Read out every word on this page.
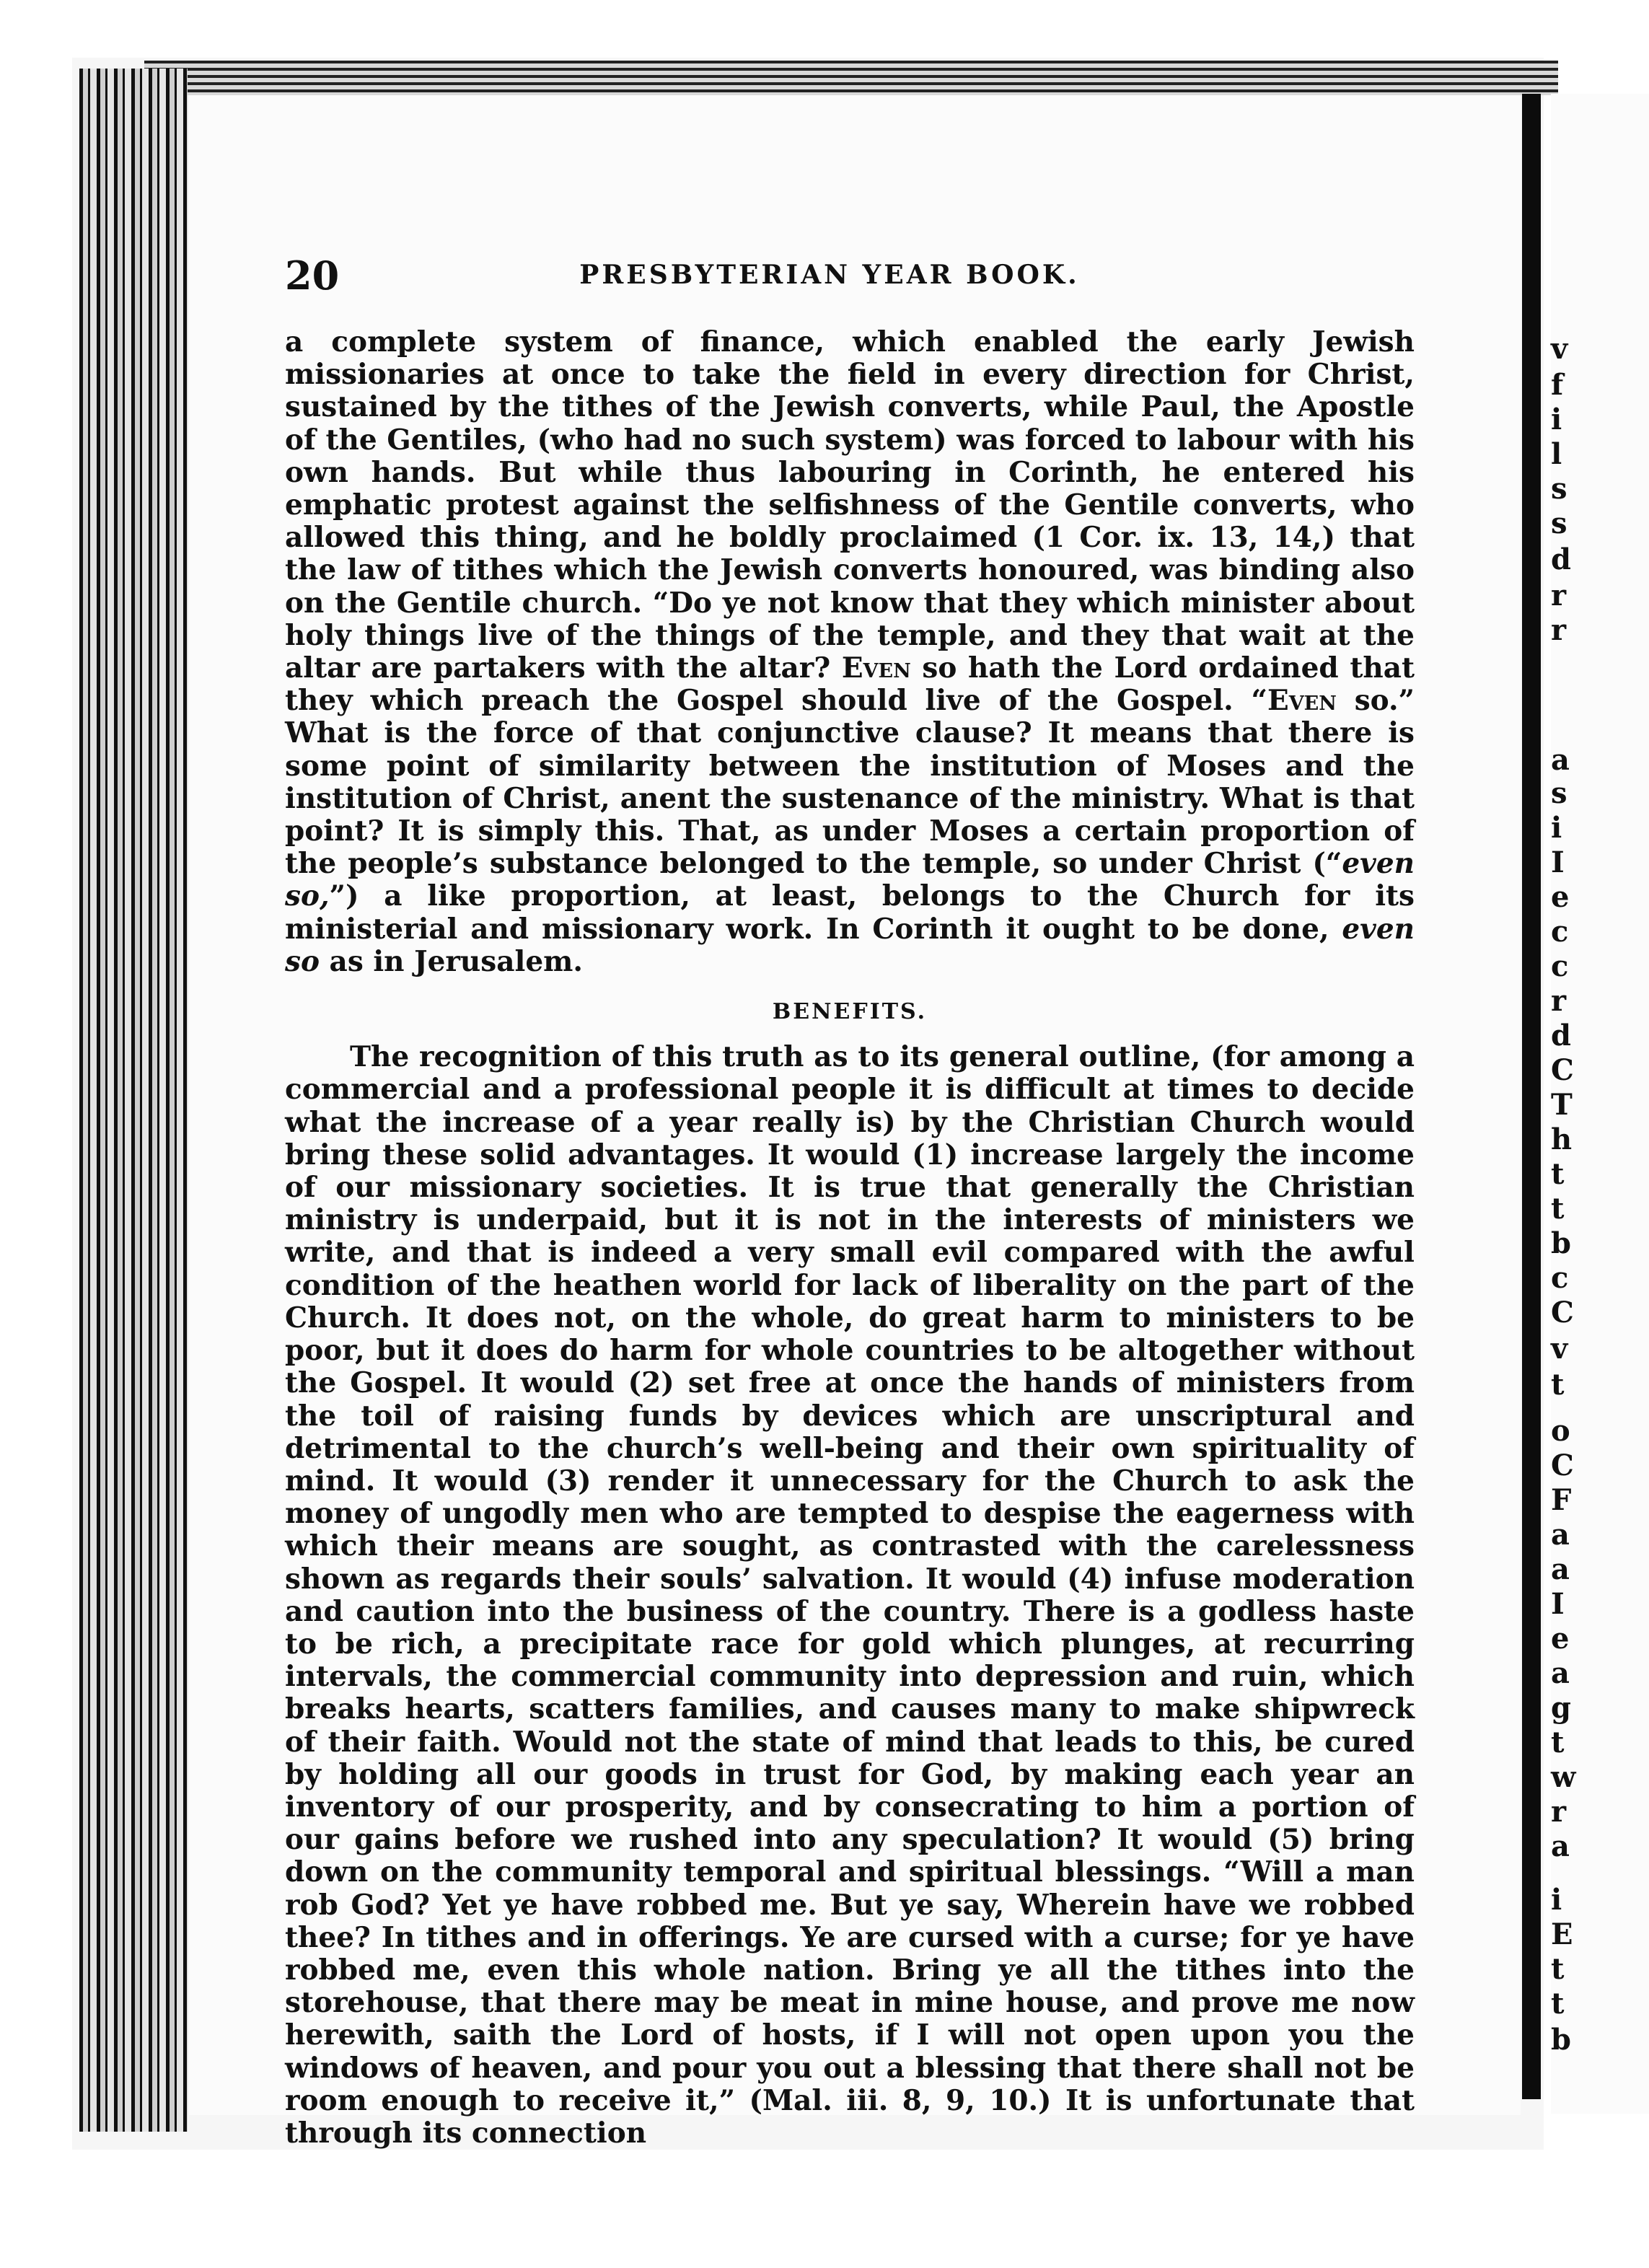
v
f
i
l
s
s
d
r
r
a
s
i
I
e
c
c
r
d
C
T
h
t
t
b
c
C
v
t
o
C
F
a
a
I
e
a
g
t
w
r
a
i
E
t
t
b
20	PRESBYTERIAN YEAR BOOK.

a complete system of finance, which enabled the early Jewish missionaries at once to take the field in every direction for Christ, sustained by the tithes of the Jewish converts, while Paul, the Apostle of the Gentiles, (who had no such system) was forced to labour with his own hands. But while thus labouring in Corinth, he entered his emphatic protest against the selfishness of the Gentile converts, who allowed this thing, and he boldly proclaimed (1 Cor. ix. 13, 14,) that the law of tithes which the Jewish converts honoured, was binding also on the Gentile church. “Do ye not know that they which minister about holy things live of the things of the temple, and they that wait at the altar are partakers with the altar? Even so hath the Lord ordained that they which preach the Gospel should live of the Gospel. “Even so.” What is the force of that conjunctive clause? It means that there is some point of similarity between the institution of Moses and the institution of Christ, anent the sustenance of the ministry. What is that point? It is simply this. That, as under Moses a certain proportion of the people’s substance belonged to the temple, so under Christ (“even so,”) a like proportion, at least, belongs to the Church for its ministerial and missionary work. In Corinth it ought to be done, even so as in Jerusalem.

BENEFITS.

The recognition of this truth as to its general outline, (for among a commercial and a professional people it is difficult at times to decide what the increase of a year really is) by the Christian Church would bring these solid advantages. It would (1) increase largely the income of our missionary societies. It is true that generally the Christian ministry is underpaid, but it is not in the interests of ministers we write, and that is indeed a very small evil compared with the awful condition of the heathen world for lack of liberality on the part of the Church. It does not, on the whole, do great harm to ministers to be poor, but it does do harm for whole countries to be altogether without the Gospel. It would (2) set free at once the hands of ministers from the toil of raising funds by devices which are unscriptural and detrimental to the church’s well-being and their own spirituality of mind. It would (3) render it unnecessary for the Church to ask the money of ungodly men who are tempted to despise the eagerness with which their means are sought, as contrasted with the carelessness shown as regards their souls’ salvation. It would (4) infuse moderation and caution into the business of the country. There is a godless haste to be rich, a precipitate race for gold which plunges, at recurring intervals, the commercial community into depression and ruin, which breaks hearts, scatters families, and causes many to make shipwreck of their faith. Would not the state of mind that leads to this, be cured by holding all our goods in trust for God, by making each year an inventory of our prosperity, and by consecrating to him a portion of our gains before we rushed into any speculation? It would (5) bring down on the community temporal and spiritual blessings. “Will a man rob God? Yet ye have robbed me. But ye say, Wherein have we robbed thee? In tithes and in offerings. Ye are cursed with a curse; for ye have robbed me, even this whole nation. Bring ye all the tithes into the storehouse, that there may be meat in mine house, and prove me now herewith, saith the Lord of hosts, if I will not open upon you the windows of heaven, and pour you out a blessing that there shall not be room enough to receive it,” (Mal. iii. 8, 9, 10.) It is unfortunate that through its connection
